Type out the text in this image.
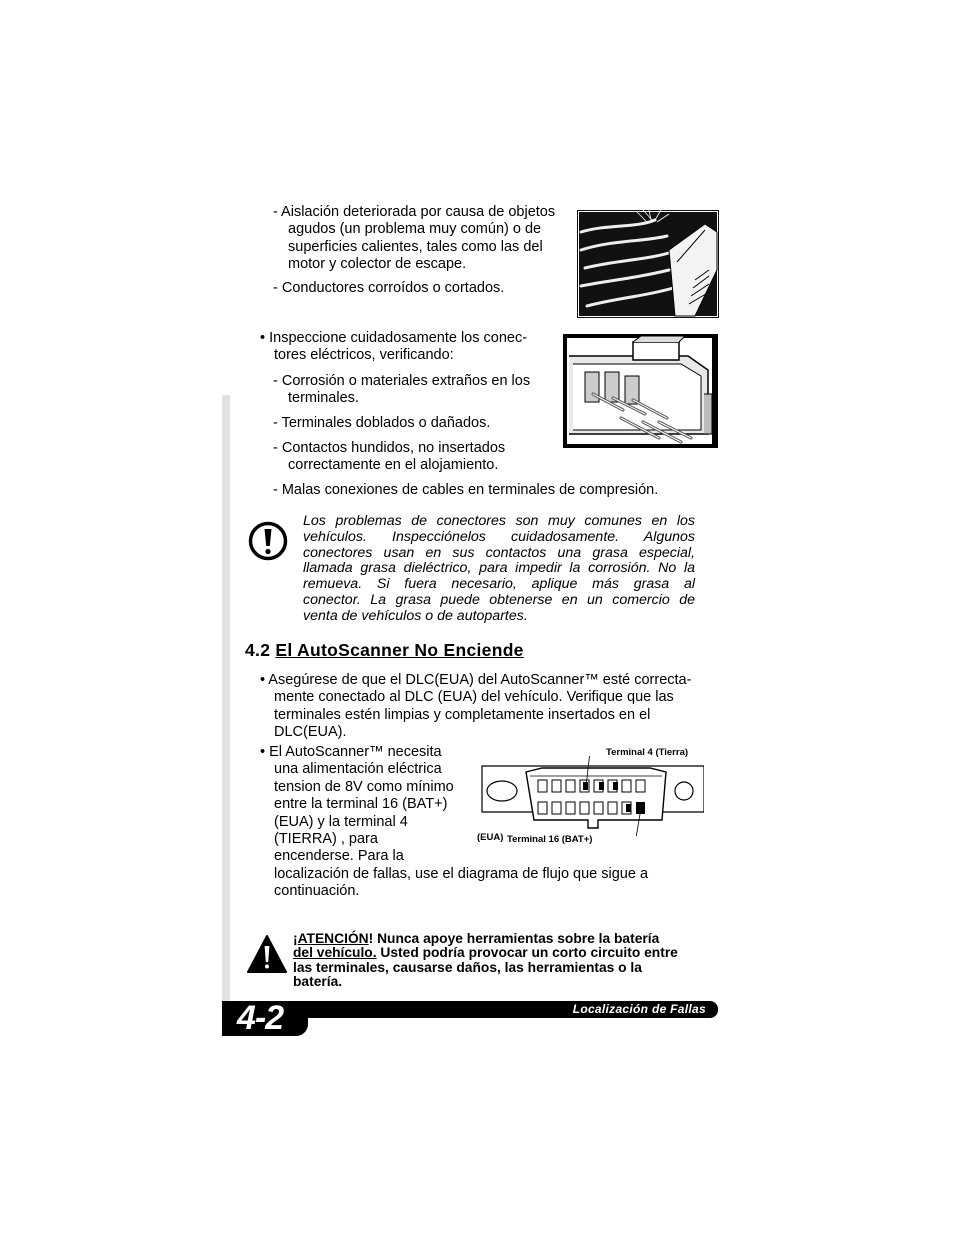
- Aislación deteriorada por causa de objetos
agudos (un problema muy común) o de
superficies calientes, tales como las del
motor y colector de escape.
- Conductores corroídos o cortados.
• Inspeccione cuidadosamente los conec-
tores eléctricos, verificando:
- Corrosión o materiales extraños en los
terminales.
- Terminales doblados o dañados.
- Contactos hundidos, no insertados
correctamente en el alojamiento.
- Malas conexiones de cables en terminales de compresión.
Los problemas de conectores son muy comunes en los
vehículos. Inspecciónelos cuidadosamente. Algunos
conectores usan en sus contactos una grasa especial,
llamada grasa dieléctrico, para impedir la corrosión. No la
remueva. Si fuera necesario, aplique más grasa al
conector. La grasa puede obtenerse en un comercio de
venta de vehículos o de autopartes.
4.2 El AutoScanner No Enciende
• Asegúrese de que el DLC(EUA) del AutoScanner™ esté correcta-
mente conectado al DLC (EUA) del vehículo. Verifique que las
terminales estén limpias y completamente insertados en el
DLC(EUA).
• El AutoScanner™ necesita
una alimentación eléctrica
tension de 8V como mínimo
entre la terminal 16 (BAT+)
(EUA) y la terminal 4
(TIERRA) , para
encenderse. Para la
localización de fallas, use el diagrama de flujo que sigue a
continuación.
Terminal 4 (Tierra)
(EUA) Terminal 16 (BAT+)
¡ATENCIÓN! Nunca apoye herramientas sobre la batería
del vehículo. Usted podría provocar un corto circuito entre
las terminales, causarse daños, las herramientas o la
batería.
Localización de Fallas
4-2
